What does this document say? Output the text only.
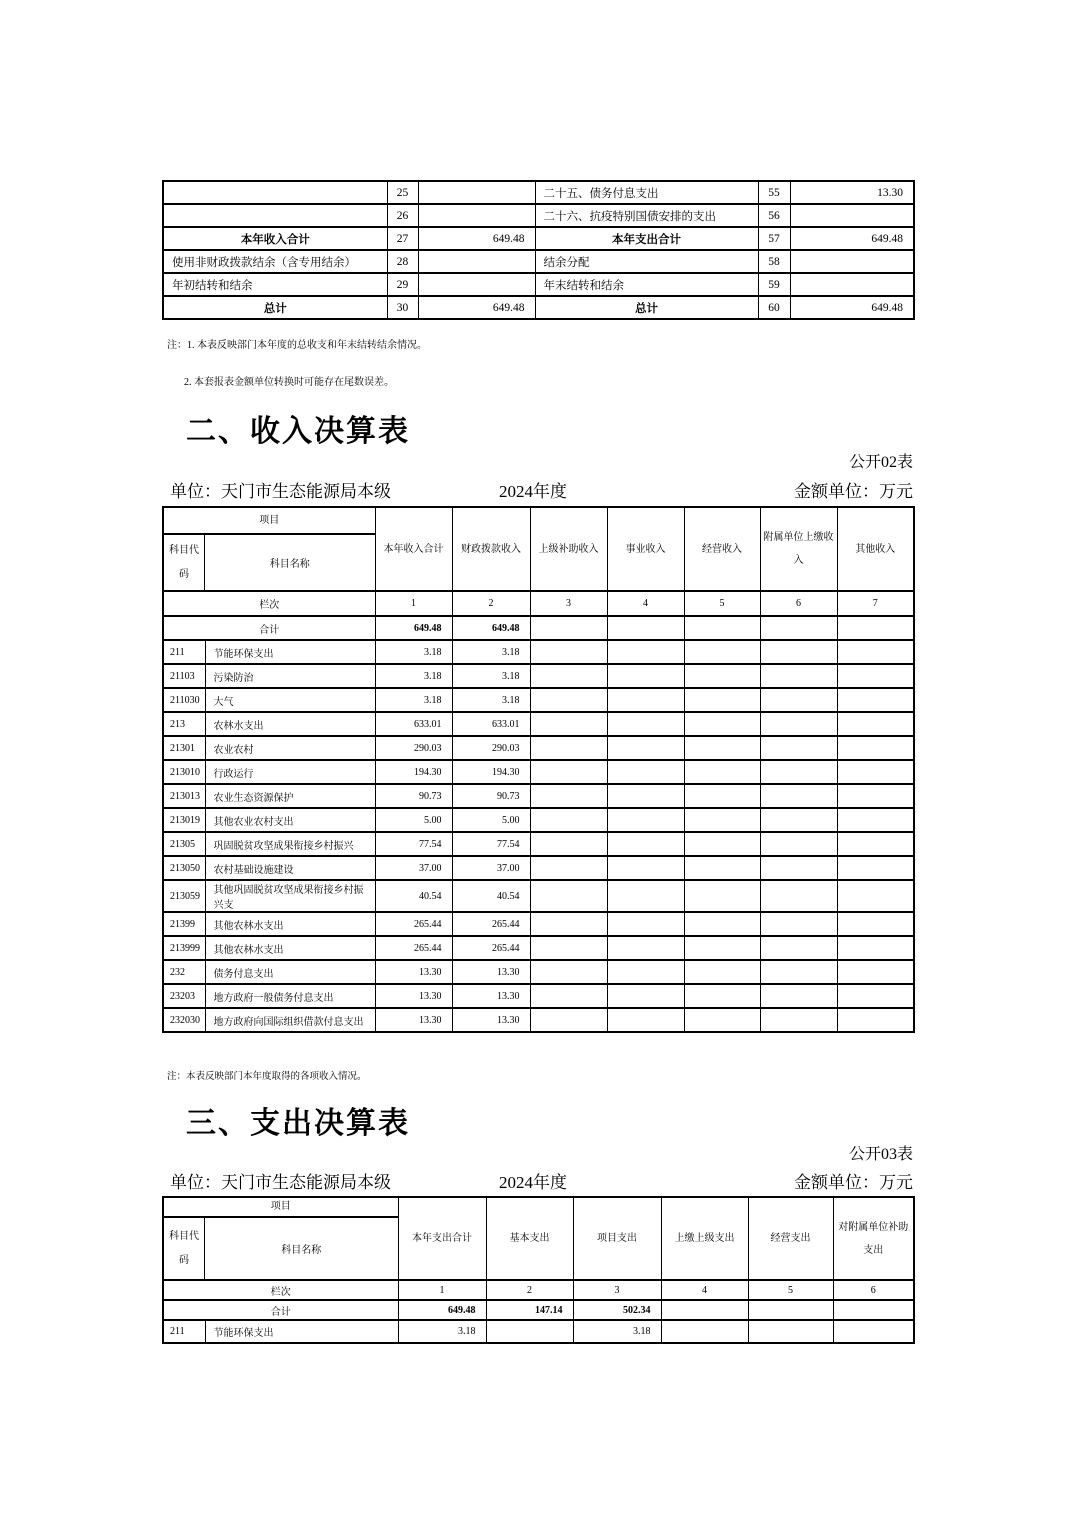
	25		二十五、债务付息支出	55	13.30
	26		二十六、抗疫特别国债安排的支出	56	
本年收入合计	27	649.48	本年支出合计	57	649.48
使用非财政拨款结余（含专用结余）	28		结余分配	58	
年初结转和结余	29		年末结转和结余	59	
总计	30	649.48	总计	60	649.48
注：1. 本表反映部门本年度的总收支和年末结转结余情况。
2. 本套报表金额单位转换时可能存在尾数误差。
二、收入决算表
公开02表
单位：天门市生态能源局本级	2024年度	金额单位：万元
项目
科目代码
科目名称		本年收入合计	财政拨款收入	上级补助收入	事业收入	经营收入	附属单位上缴收入	其他收入
栏次		1	2	3	4	5	6	7
合计		649.48	649.48					
211	节能环保支出	3.18	3.18					
21103	污染防治	3.18	3.18					
211030	大气	3.18	3.18					
213	农林水支出	633.01	633.01					
21301	农业农村	290.03	290.03					
213010	行政运行	194.30	194.30					
213013	农业生态资源保护	90.73	90.73					
213019	其他农业农村支出	5.00	5.00					
21305	巩固脱贫攻坚成果衔接乡村振兴	77.54	77.54					
213050	农村基础设施建设	37.00	37.00					
213059	其他巩固脱贫攻坚成果衔接乡村振兴支	40.54	40.54					
21399	其他农林水支出	265.44	265.44					
213999	其他农林水支出	265.44	265.44					
232	债务付息支出	13.30	13.30					
23203	地方政府一般债务付息支出	13.30	13.30					
232030	地方政府向国际组织借款付息支出	13.30	13.30					
注：本表反映部门本年度取得的各项收入情况。
三、支出决算表
公开03表
单位：天门市生态能源局本级	2024年度	金额单位：万元
项目
科目代码
科目名称		本年支出合计	基本支出	项目支出	上缴上级支出	经营支出	对附属单位补助支出
栏次		1	2	3	4	5	6
合计		649.48	147.14	502.34			
211	节能环保支出	3.18		3.18			
